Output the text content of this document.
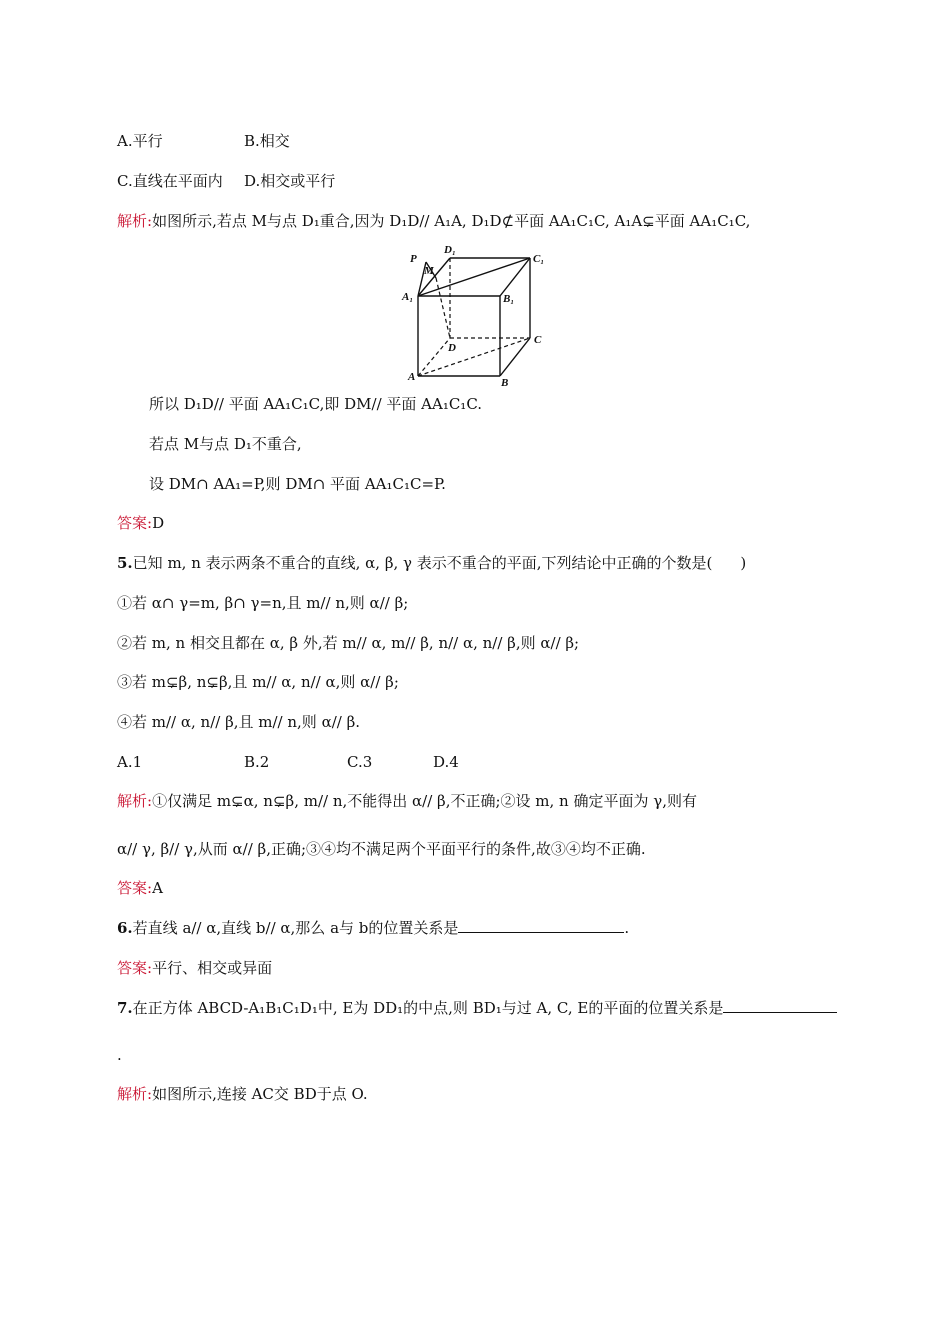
A.平行	B.相交
C.直线在平面内 D.相交或平行
解析:如图所示,若点 M与点 D₁重合,因为 D₁D// A₁A, D₁D⊄平面 AA₁C₁C, A₁A⊊平面 AA₁C₁C,
P
M
D₁
C₁
A₁	B₁
D
C
A	B
所以 D₁D// 平面 AA₁C₁C,即 DM// 平面 AA₁C₁C.
若点 M与点 D₁不重合,
设 DM∩ AA₁=P,则 DM∩ 平面 AA₁C₁C=P.
答案:D
5.已知 m, n 表示两条不重合的直线, α, β, γ 表示不重合的平面,下列结论中正确的个数是( )
①若 α∩ γ=m, β∩ γ=n,且 m// n,则 α// β;
②若 m, n 相交且都在 α, β 外,若 m// α, m// β, n// α, n// β,则 α// β;
③若 m⊊β, n⊊β,且 m// α, n// α,则 α// β;
④若 m// α, n// β,且 m// n,则 α// β.
A.1	B.2	C.3	D.4
解析:①仅满足 m⊊α, n⊊β, m// n,不能得出 α// β,不正确;②设 m, n 确定平面为 γ,则有
α// γ, β// γ,从而 α// β,正确;③④均不满足两个平面平行的条件,故③④均不正确.
答案:A
6.若直线 a// α,直线 b// α,那么 a与 b的位置关系是	.
答案:平行、相交或异面
7.在正方体 ABCD-A₁B₁C₁D₁中, E为 DD₁的中点,则 BD₁与过 A, C, E的平面的位置关系是
.
解析:如图所示,连接 AC交 BD于点 O.
